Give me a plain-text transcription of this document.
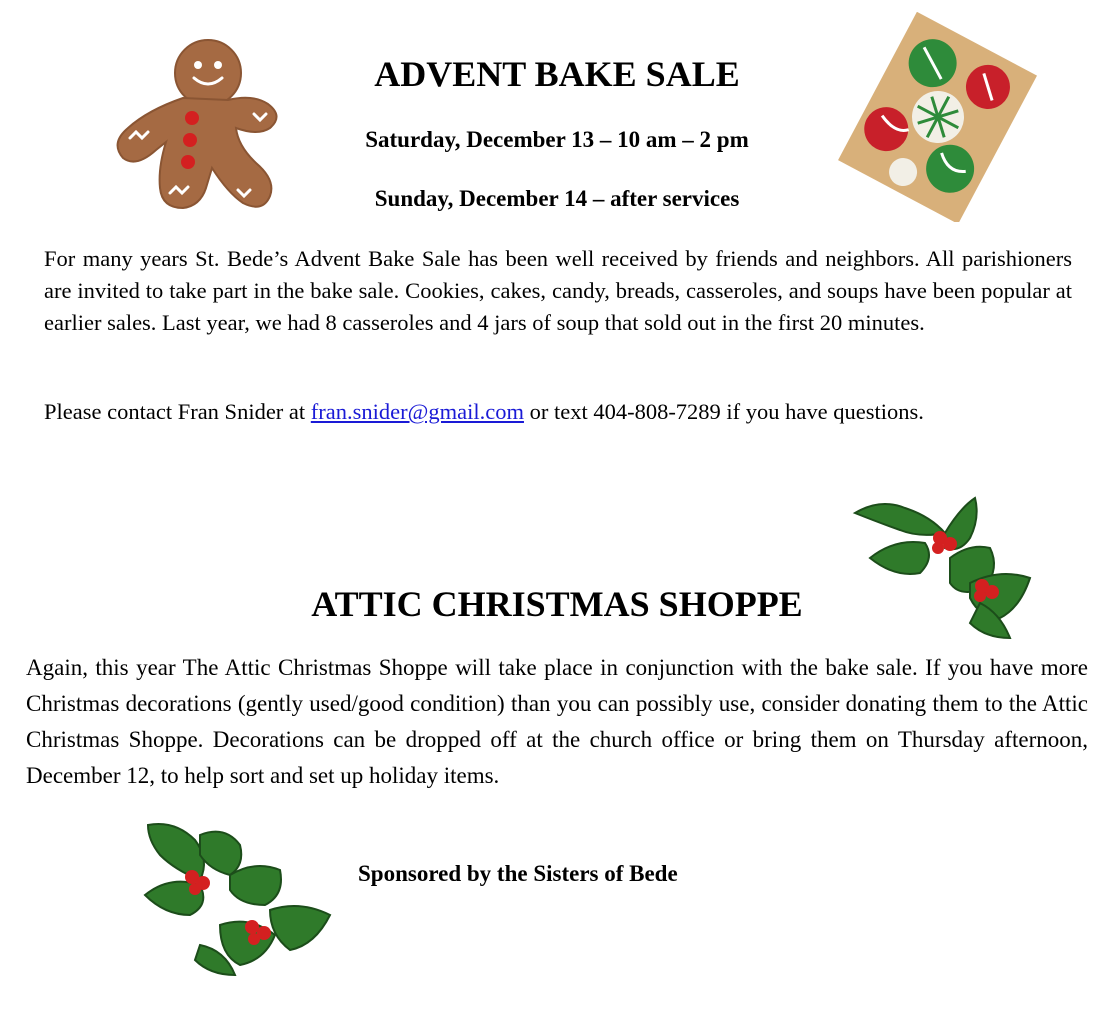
ADVENT BAKE SALE
Saturday, December 13 – 10 am – 2 pm
Sunday, December 14 – after services
For many years St. Bede’s Advent Bake Sale has been well received by friends and neighbors. All parishioners are invited to take part in the bake sale. Cookies, cakes, candy, breads, casseroles, and soups have been popular at earlier sales. Last year, we had 8 casseroles and 4 jars of soup that sold out in the first 20 minutes.
Please contact Fran Snider at fran.snider@gmail.com or text 404-808-7289 if you have questions.
ATTIC CHRISTMAS SHOPPE
Again, this year The Attic Christmas Shoppe will take place in conjunction with the bake sale. If you have more Christmas decorations (gently used/good condition) than you can possibly use, consider donating them to the Attic Christmas Shoppe. Decorations can be dropped off at the church office or bring them on Thursday afternoon, December 12, to help sort and set up holiday items.
Sponsored by the Sisters of Bede
